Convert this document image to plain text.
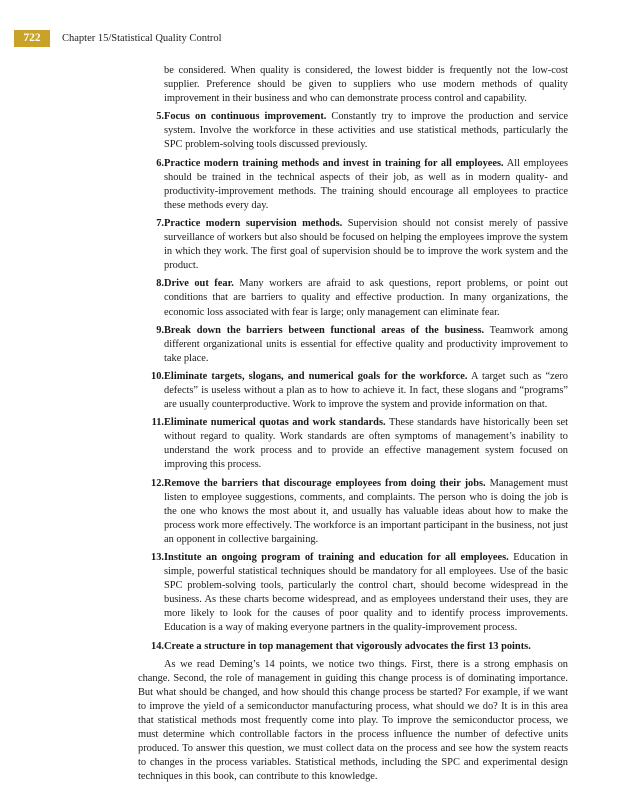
722	Chapter 15/Statistical Quality Control

be considered. When quality is considered, the lowest bidder is frequently not the low-cost supplier. Preference should be given to suppliers who use modern methods of quality improvement in their business and who can demonstrate process control and capability.

5. Focus on continuous improvement. Constantly try to improve the production and service system. Involve the workforce in these activities and use statistical methods, particularly the SPC problem-solving tools discussed previously.
6. Practice modern training methods and invest in training for all employees. All employees should be trained in the technical aspects of their job, as well as in modern quality- and productivity-improvement methods. The training should encourage all employees to practice these methods every day.
7. Practice modern supervision methods. Supervision should not consist merely of passive surveillance of workers but also should be focused on helping the employees improve the system in which they work. The first goal of supervision should be to improve the work system and the product.
8. Drive out fear. Many workers are afraid to ask questions, report problems, or point out conditions that are barriers to quality and effective production. In many organizations, the economic loss associated with fear is large; only management can eliminate fear.
9. Break down the barriers between functional areas of the business. Teamwork among different organizational units is essential for effective quality and productivity improvement to take place.
10. Eliminate targets, slogans, and numerical goals for the workforce. A target such as “zero defects” is useless without a plan as to how to achieve it. In fact, these slogans and “programs” are usually counterproductive. Work to improve the system and provide information on that.
11. Eliminate numerical quotas and work standards. These standards have historically been set without regard to quality. Work standards are often symptoms of management’s inability to understand the work process and to provide an effective management system focused on improving this process.
12. Remove the barriers that discourage employees from doing their jobs. Management must listen to employee suggestions, comments, and complaints. The person who is doing the job is the one who knows the most about it, and usually has valuable ideas about how to make the process work more effectively. The workforce is an important participant in the business, not just an opponent in collective bargaining.
13. Institute an ongoing program of training and education for all employees. Education in simple, powerful statistical techniques should be mandatory for all employees. Use of the basic SPC problem-solving tools, particularly the control chart, should become widespread in the business. As these charts become widespread, and as employees understand their uses, they are more likely to look for the causes of poor quality and to identify process improvements. Education is a way of making everyone partners in the quality-improvement process.
14. Create a structure in top management that vigorously advocates the first 13 points.

As we read Deming’s 14 points, we notice two things. First, there is a strong emphasis on change. Second, the role of management in guiding this change process is of dominating importance. But what should be changed, and how should this change process be started? For example, if we want to improve the yield of a semiconductor manufacturing process, what should we do? It is in this area that statistical methods most frequently come into play. To improve the semiconductor process, we must determine which controllable factors in the process influence the number of defective units produced. To answer this question, we must collect data on the process and see how the system reacts to changes in the process variables. Statistical methods, including the SPC and experimental design techniques in this book, can contribute to this knowledge.
